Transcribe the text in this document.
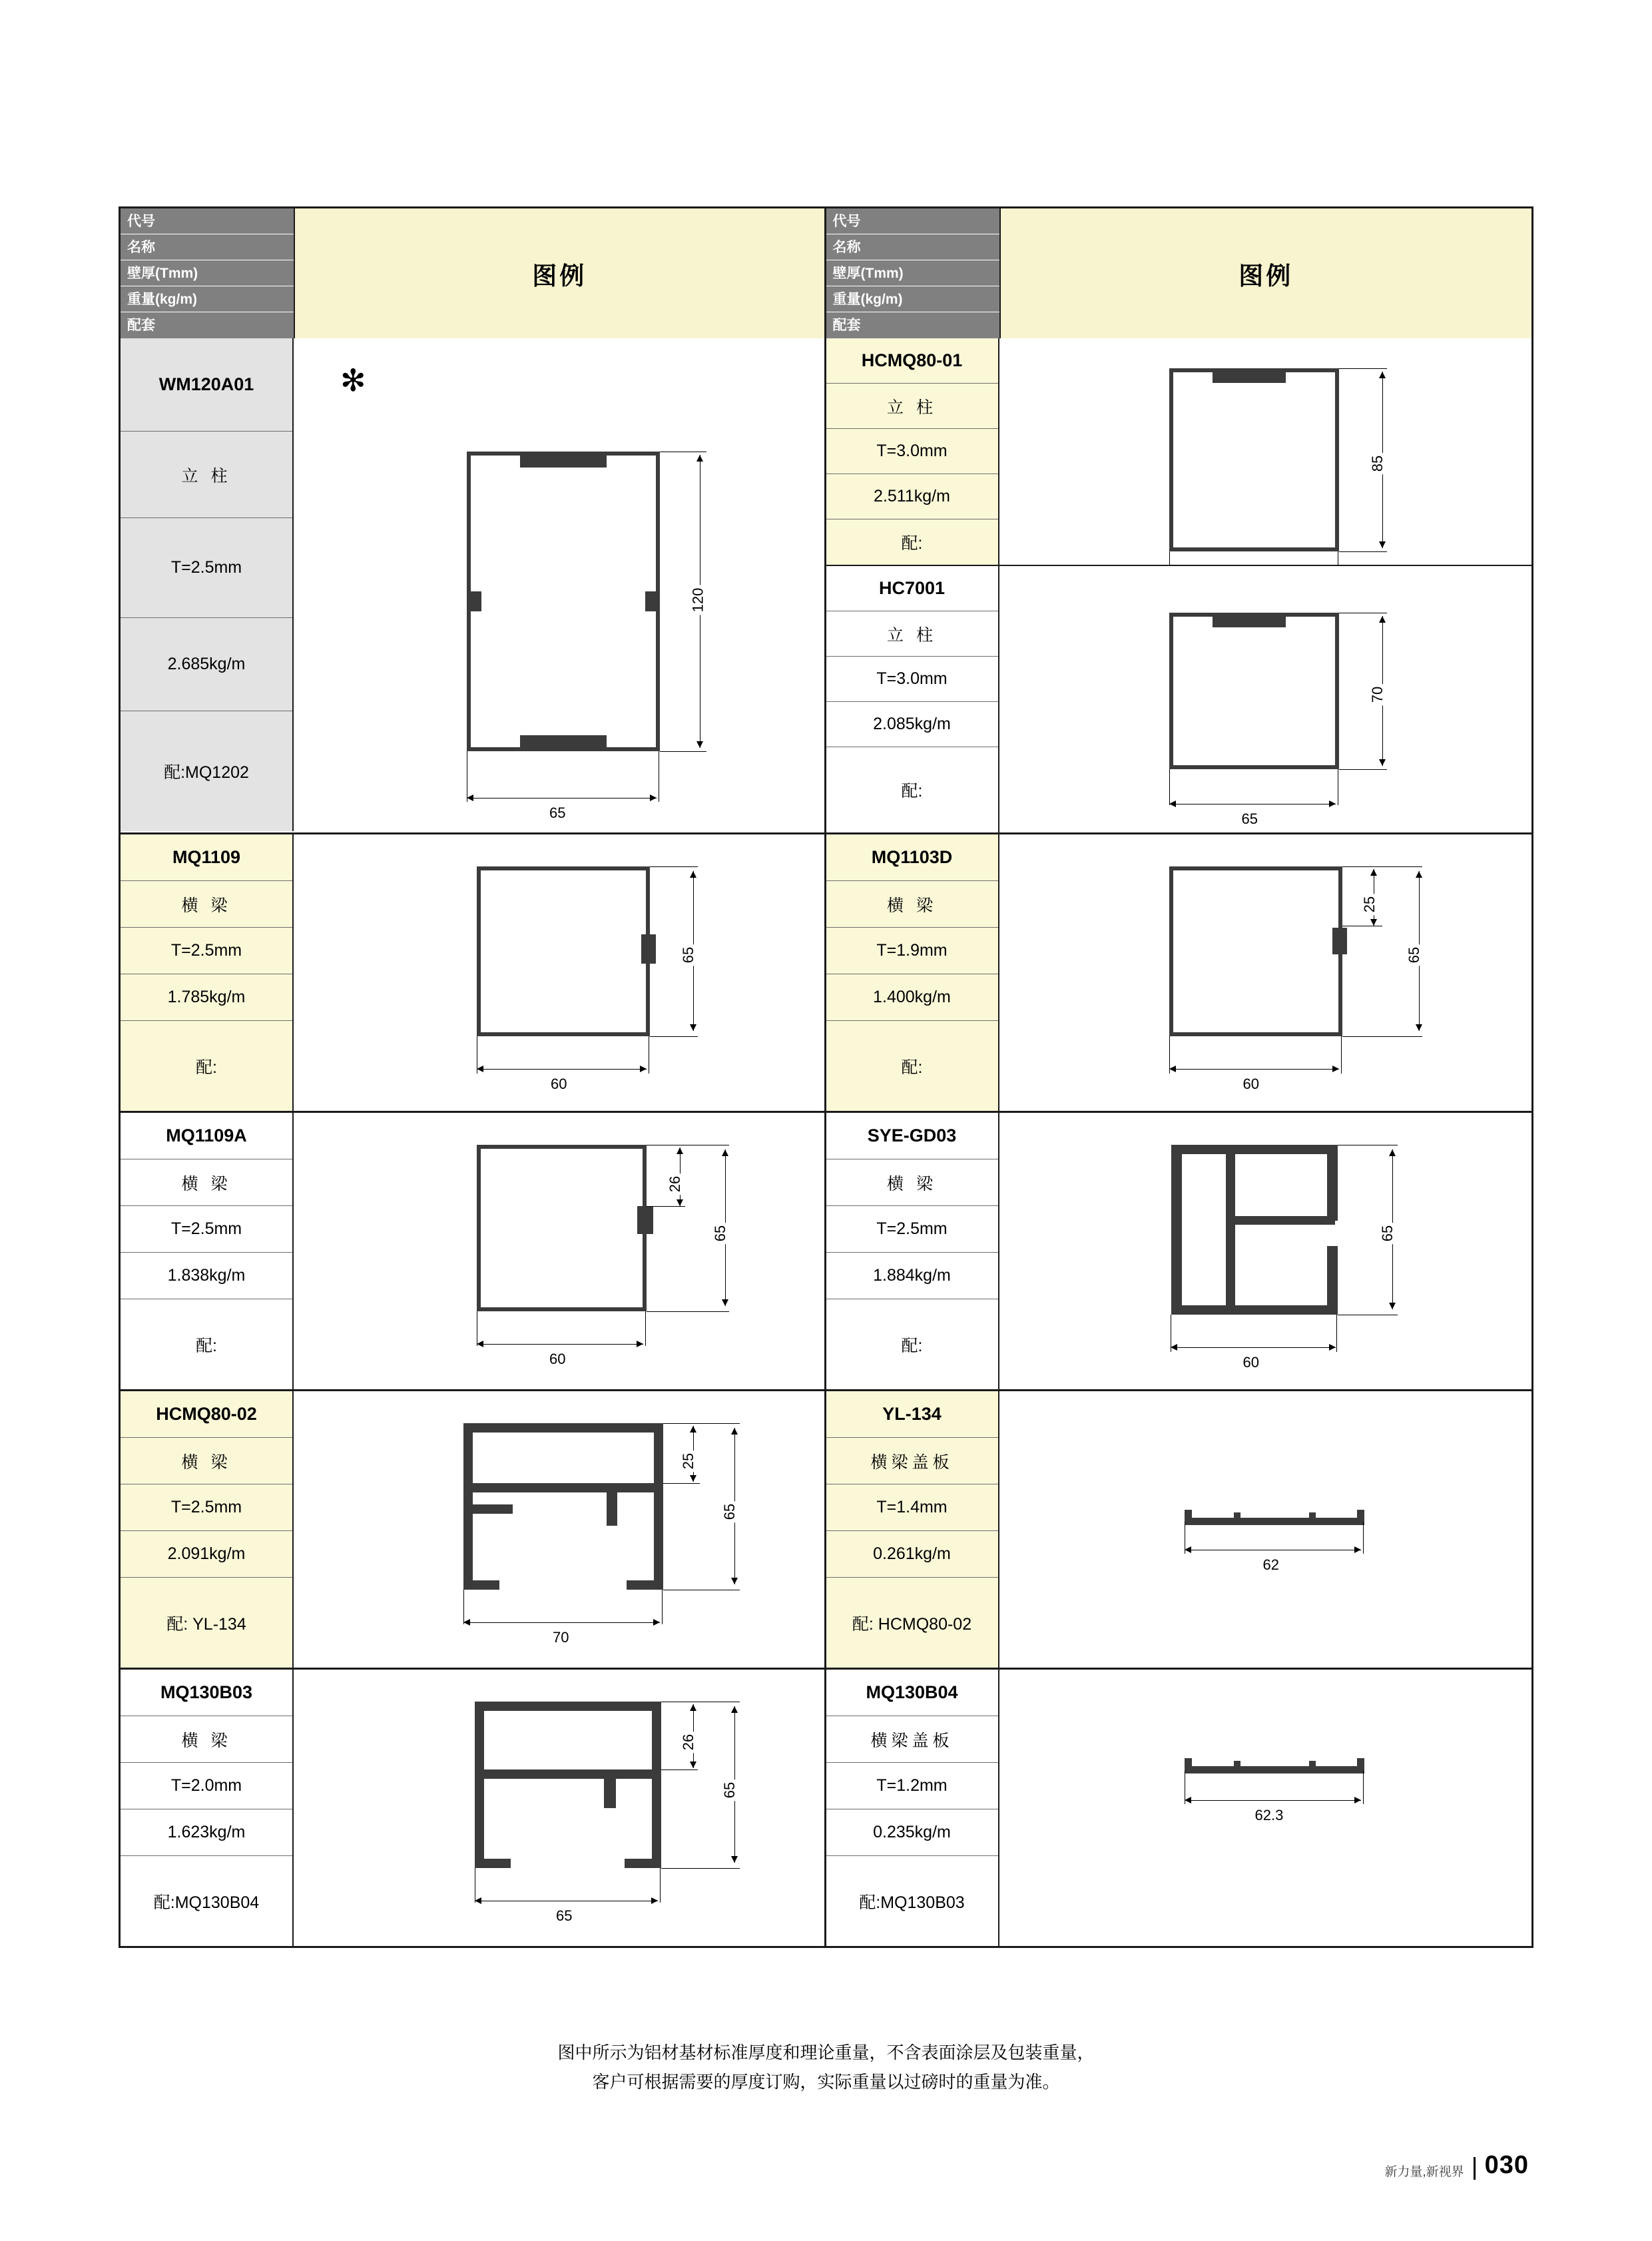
代号
名称
壁厚(Tmm)
重量(kg/m)
配套
图例
代号
名称
壁厚(Tmm)
重量(kg/m)
配套
图例
WM120A01
立 柱
T=2.5mm
2.685kg/m
配:MQ1202
✻
120
65
HCMQ80-01
立 柱
T=3.0mm
2.511kg/m
配:
85
HC7001
立 柱
T=3.0mm
2.085kg/m
配:
70
65
MQ1109
横 梁
T=2.5mm
1.785kg/m
配:
65
60
MQ1103D
横 梁
T=1.9mm
1.400kg/m
配:
25
65
60
MQ1109A
横 梁
T=2.5mm
1.838kg/m
配:
26
65
60
SYE-GD03
横 梁
T=2.5mm
1.884kg/m
配:
65
60
HCMQ80-02
横 梁
T=2.5mm
2.091kg/m
配: YL-134
25
65
70
YL-134
横梁盖板
T=1.4mm
0.261kg/m
配: HCMQ80-02
62
MQ130B03
横 梁
T=2.0mm
1.623kg/m
配:MQ130B04
26
65
65
MQ130B04
横梁盖板
T=1.2mm
0.235kg/m
配:MQ130B03
62.3
图中所示为铝材基材标准厚度和理论重量，不含表面涂层及包装重量，
客户可根据需要的厚度订购，实际重量以过磅时的重量为准。
新力量,新视界 030
